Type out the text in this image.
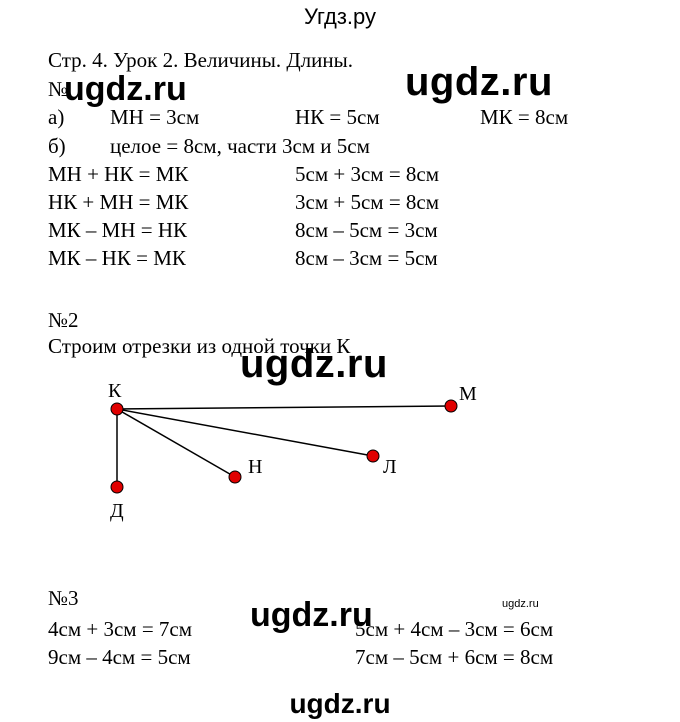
Угдз.ру
Стр. 4. Урок 2. Величины. Длины.
№
ugdz.ru	ugdz.ru
а) МН = 3см	НК = 5см	МК = 8см
б) целое = 8см, части 3см и 5см
МН + НК = МК	5см + 3см = 8см
НК + МН = МК	3см + 5см = 8см
МК – МН = НК	8см – 5см = 3см
МК – НК = МК	8см – 3см = 5см
№2
Строим отрезки из одной точки К
ugdz.ru
К	М
Л
Н
Д
№3	ugdz.ru
4см + 3см = 7см	5см + 4см – 3см = 6см
9см – 4см = 5см	7см – 5см + 6см = 8см
ugdz.ru
ugdz.ru
